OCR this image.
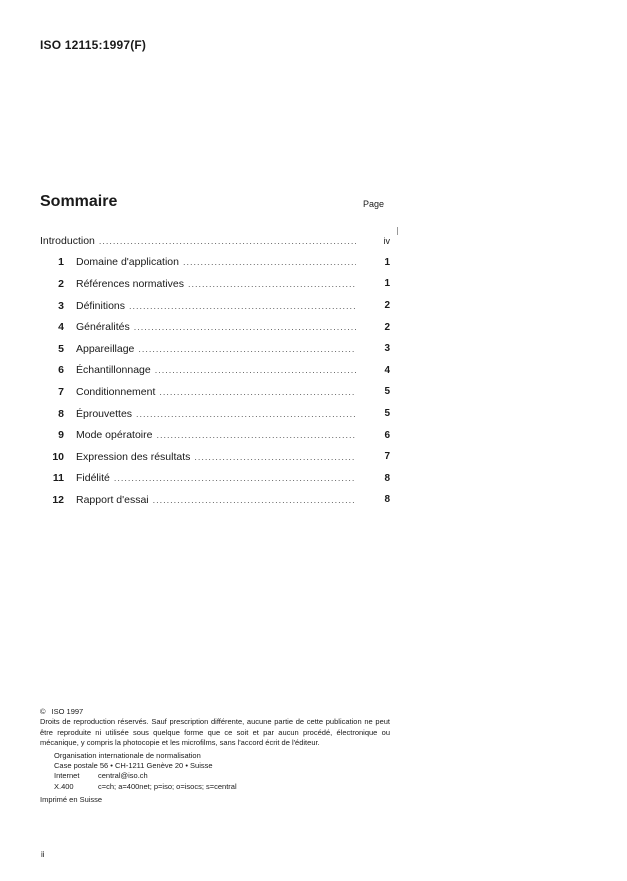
ISO 12115:1997(F)
Sommaire	Page
Introduction .....	iv
1	Domaine d'application .....	1
2	Références normatives .....	1
3	Définitions .....	2
4	Généralités .....	2
5	Appareillage .....	3
6	Échantillonnage .....	4
7	Conditionnement .....	5
8	Éprouvettes .....	5
9	Mode opératoire .....	6
10	Expression des résultats .....	7
11	Fidélité .....	8
12	Rapport d'essai .....	8
© ISO 1997

Droits de reproduction réservés. Sauf prescription différente, aucune partie de cette publication ne peut être reproduite ni utilisée sous quelque forme que ce soit et par aucun procédé, électronique ou mécanique, y compris la photocopie et les microfilms, sans l'accord écrit de l'éditeur.

Organisation internationale de normalisation
Case postale 56 • CH-1211 Genève 20 • Suisse
Internet	central@iso.ch
X.400	c=ch; a=400net; p=iso; o=isocs; s=central
Imprimé en Suisse
ii
